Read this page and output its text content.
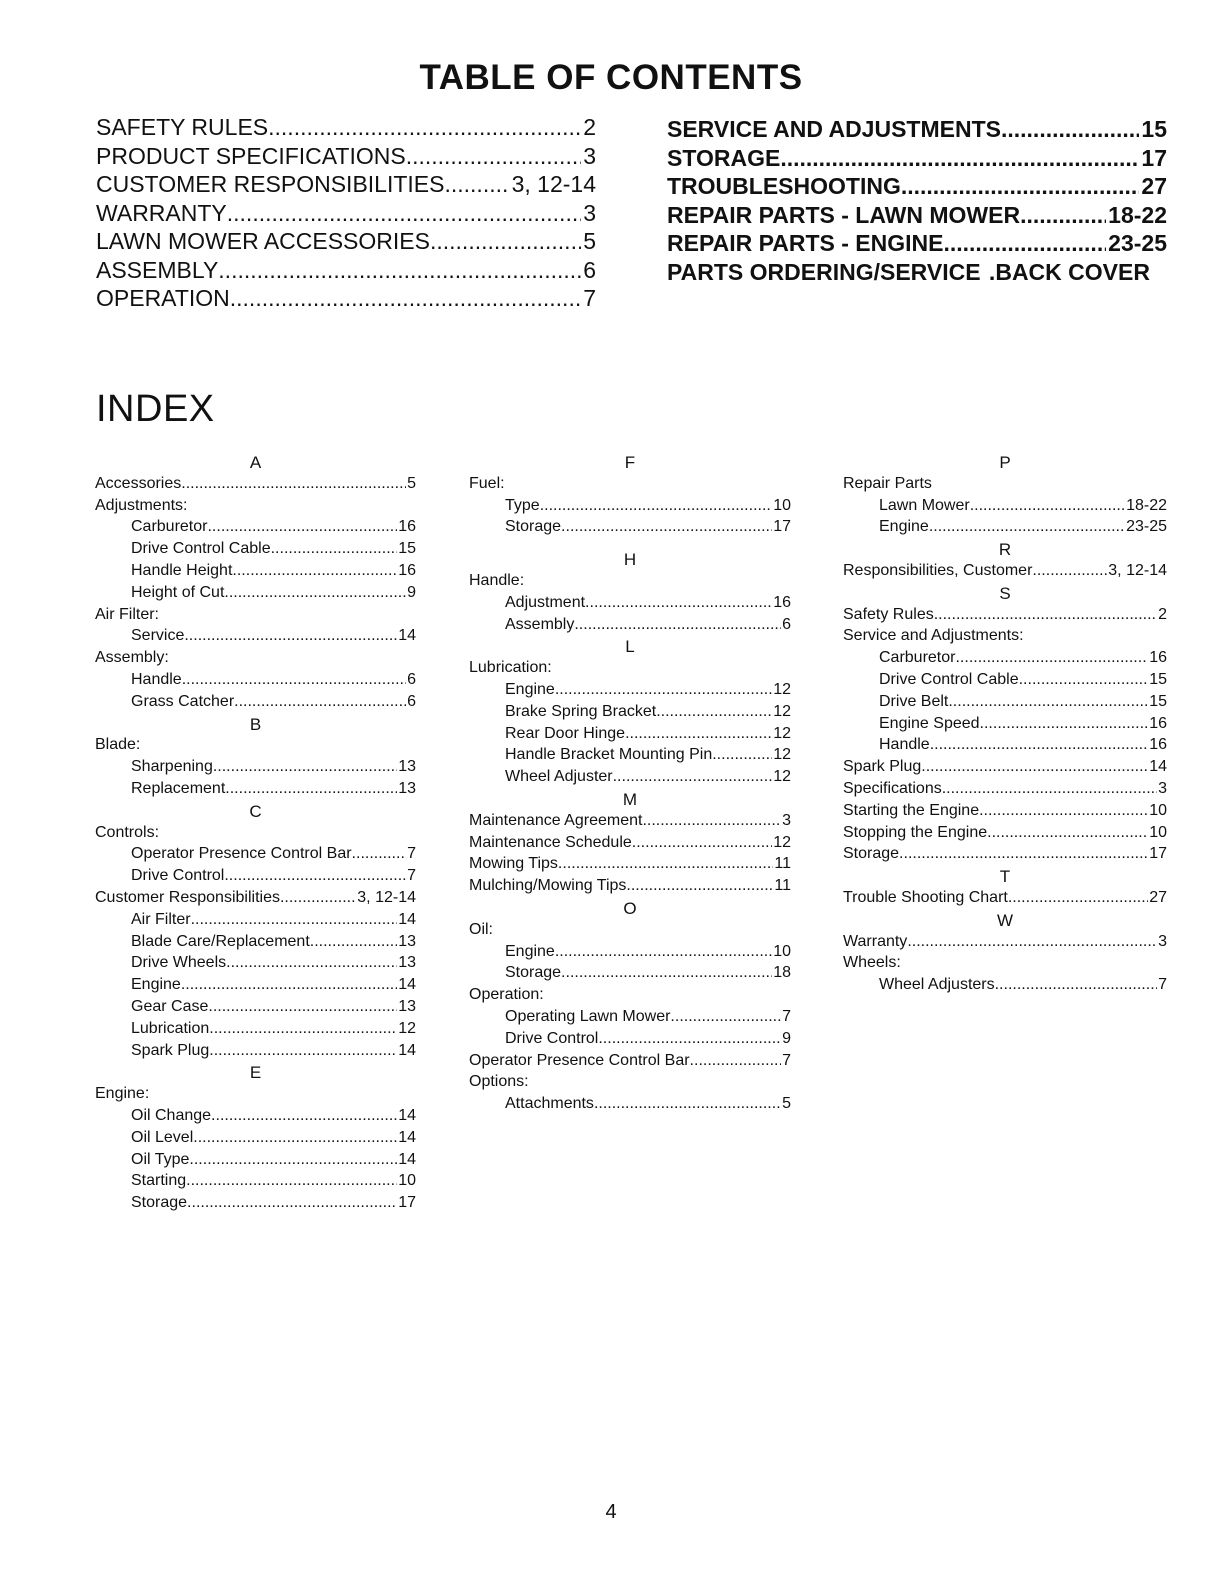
TABLE OF CONTENTS
SAFETY RULES .....	2
PRODUCT SPECIFICATIONS .....	3
CUSTOMER RESPONSIBILITIES .....	3, 12-14
WARRANTY .....	3
LAWN MOWER ACCESSORIES .....	5
ASSEMBLY .....	6
OPERATION .....	7
SERVICE AND ADJUSTMENTS .....	15
STORAGE .....	17
TROUBLESHOOTING .....	27
REPAIR PARTS - LAWN MOWER .....	18-22
REPAIR PARTS - ENGINE .....	23-25
PARTS ORDERING/SERVICE .BACK COVER
INDEX
A
Accessories .....	5
Adjustments:
Carburetor .....	16
Drive Control Cable .....	15
Handle Height .....	16
Height of Cut .....	9
Air Filter:
Service .....	14
Assembly:
Handle .....	6
Grass Catcher .....	6
B
Blade:
Sharpening .....	13
Replacement .....	13
C
Controls:
Operator Presence Control Bar .....	7
Drive Control .....	7
Customer Responsibilities .....	3, 12-14
Air Filter .....	14
Blade Care/Replacement .....	13
Drive Wheels .....	13
Engine .....	14
Gear Case .....	13
Lubrication .....	12
Spark Plug .....	14
E
Engine:
Oil Change .....	14
Oil Level .....	14
Oil Type .....	14
Starting .....	10
Storage .....	17
F
Fuel:
Type .....	10
Storage .....	17
H
Handle:
Adjustment .....	16
Assembly .....	6
L
Lubrication:
Engine .....	12
Brake Spring Bracket .....	12
Rear Door Hinge .....	12
Handle Bracket Mounting Pin .....	12
Wheel Adjuster .....	12
M
Maintenance Agreement .....	3
Maintenance Schedule .....	12
Mowing Tips .....	11
Mulching/Mowing Tips .....	11
O
Oil:
Engine .....	10
Storage .....	18
Operation:
Operating Lawn Mower .....	7
Drive Control .....	9
Operator Presence Control Bar .....	7
Options:
Attachments .....	5
P
Repair Parts
Lawn Mower .....	18-22
Engine .....	23-25
R
Responsibilities, Customer .....	3, 12-14
S
Safety Rules .....	2
Service and Adjustments:
Carburetor .....	16
Drive Control Cable .....	15
Drive Belt .....	15
Engine Speed .....	16
Handle .....	16
Spark Plug .....	14
Specifications .....	3
Starting the Engine .....	10
Stopping the Engine .....	10
Storage .....	17
T
Trouble Shooting Chart .....	27
W
Warranty .....	3
Wheels:
Wheel Adjusters .....	7
4
